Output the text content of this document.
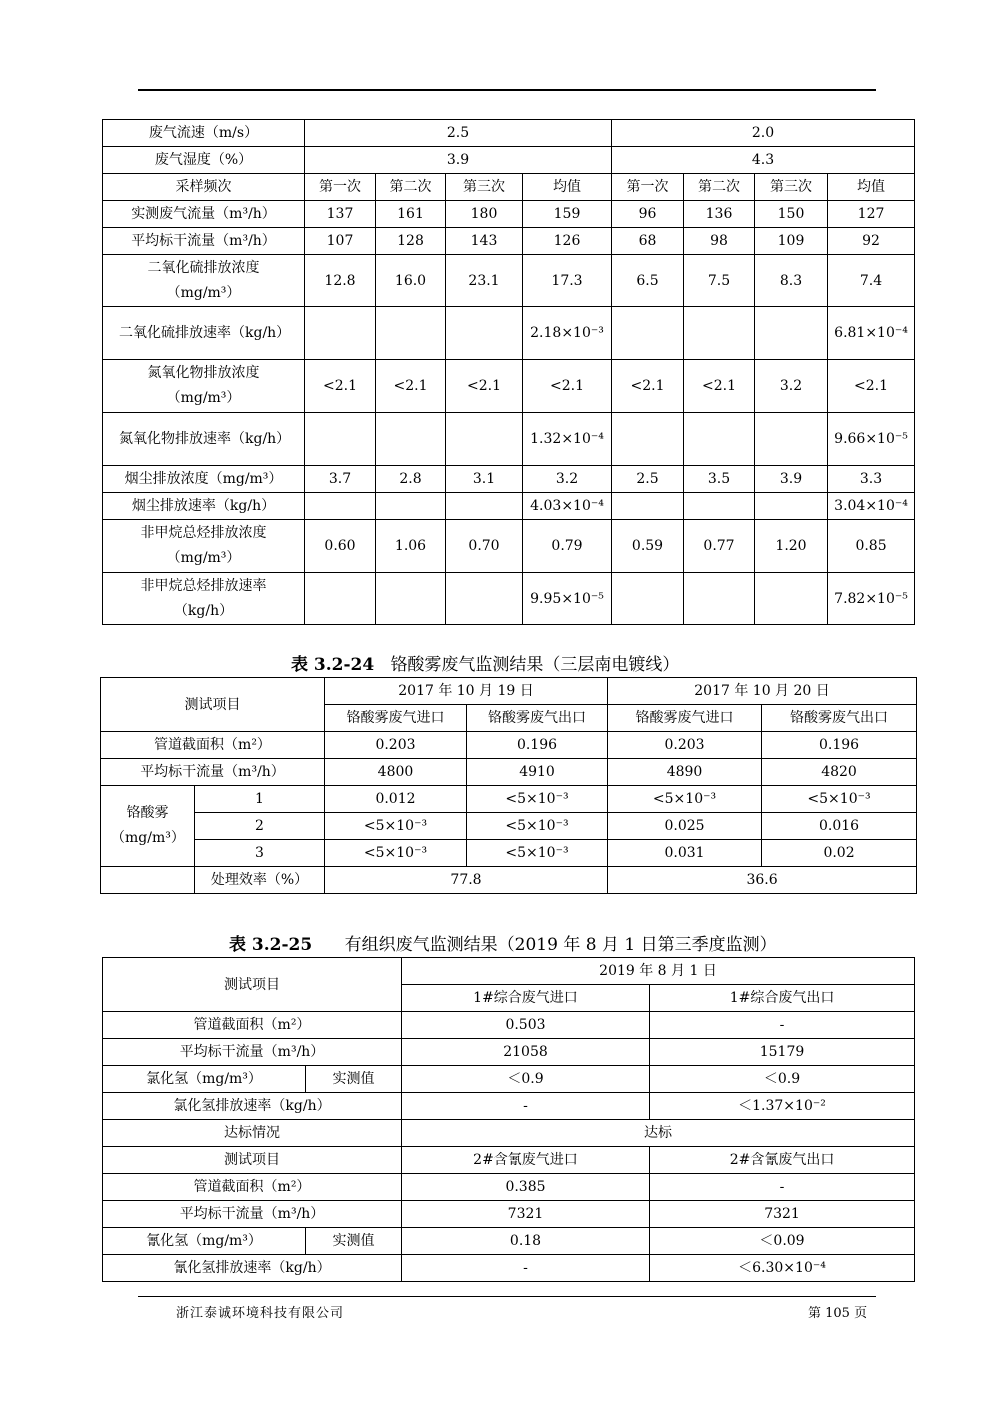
废气流速（m/s）	2.5				2.0			
废气湿度（%）	3.9				4.3			
采样频次	第一次	第二次	第三次	均值	第一次	第二次	第三次	均值
实测废气流量（m³/h）	137	161	180	159	96	136	150	127
平均标干流量（m³/h）	107	128	143	126	68	98	109	92
二氧化硫排放浓度（mg/m³）	12.8	16.0	23.1	17.3	6.5	7.5	8.3	7.4
二氧化硫排放速率（kg/h）				2.18×10⁻³				6.81×10⁻⁴
氮氧化物排放浓度（mg/m³）	<2.1	<2.1	<2.1	<2.1	<2.1	<2.1	3.2	<2.1
氮氧化物排放速率（kg/h）				1.32×10⁻⁴				9.66×10⁻⁵
烟尘排放浓度（mg/m³）	3.7	2.8	3.1	3.2	2.5	3.5	3.9	3.3
烟尘排放速率（kg/h）				4.03×10⁻⁴				3.04×10⁻⁴
非甲烷总烃排放浓度（mg/m³）	0.60	1.06	0.70	0.79	0.59	0.77	1.20	0.85
非甲烷总烃排放速率（kg/h）				9.95×10⁻⁵				7.82×10⁻⁵
表 3.2-24 铬酸雾废气监测结果（三层南电镀线）
测试项目		2017 年 10 月 19 日		2017 年 10 月 20 日	
		铬酸雾废气进口	铬酸雾废气出口	铬酸雾废气进口	铬酸雾废气出口
管道截面积（m²）		0.203	0.196	0.203	0.196
平均标干流量（m³/h）		4800	4910	4890	4820
铬酸雾（mg/m³）	1	0.012	<5×10⁻³	<5×10⁻³	<5×10⁻³
	2	<5×10⁻³	<5×10⁻³	0.025	0.016
	3	<5×10⁻³	<5×10⁻³	0.031	0.02
	处理效率（%）	77.8		36.6	
表 3.2-25 有组织废气监测结果（2019 年 8 月 1 日第三季度监测）
测试项目		2019 年 8 月 1 日	
		1#综合废气进口	1#综合废气出口
管道截面积（m²）		0.503	-
平均标干流量（m³/h）		21058	15179
氯化氢（mg/m³）	实测值	＜0.9	＜0.9
氯化氢排放速率（kg/h）		-	＜1.37×10⁻²
达标情况		达标	
测试项目		2#含氰废气进口	2#含氰废气出口
管道截面积（m²）		0.385	-
平均标干流量（m³/h）		7321	7321
氰化氢（mg/m³）	实测值	0.18	＜0.09
氰化氢排放速率（kg/h）		-	＜6.30×10⁻⁴
浙江泰诚环境科技有限公司	第 105 页
